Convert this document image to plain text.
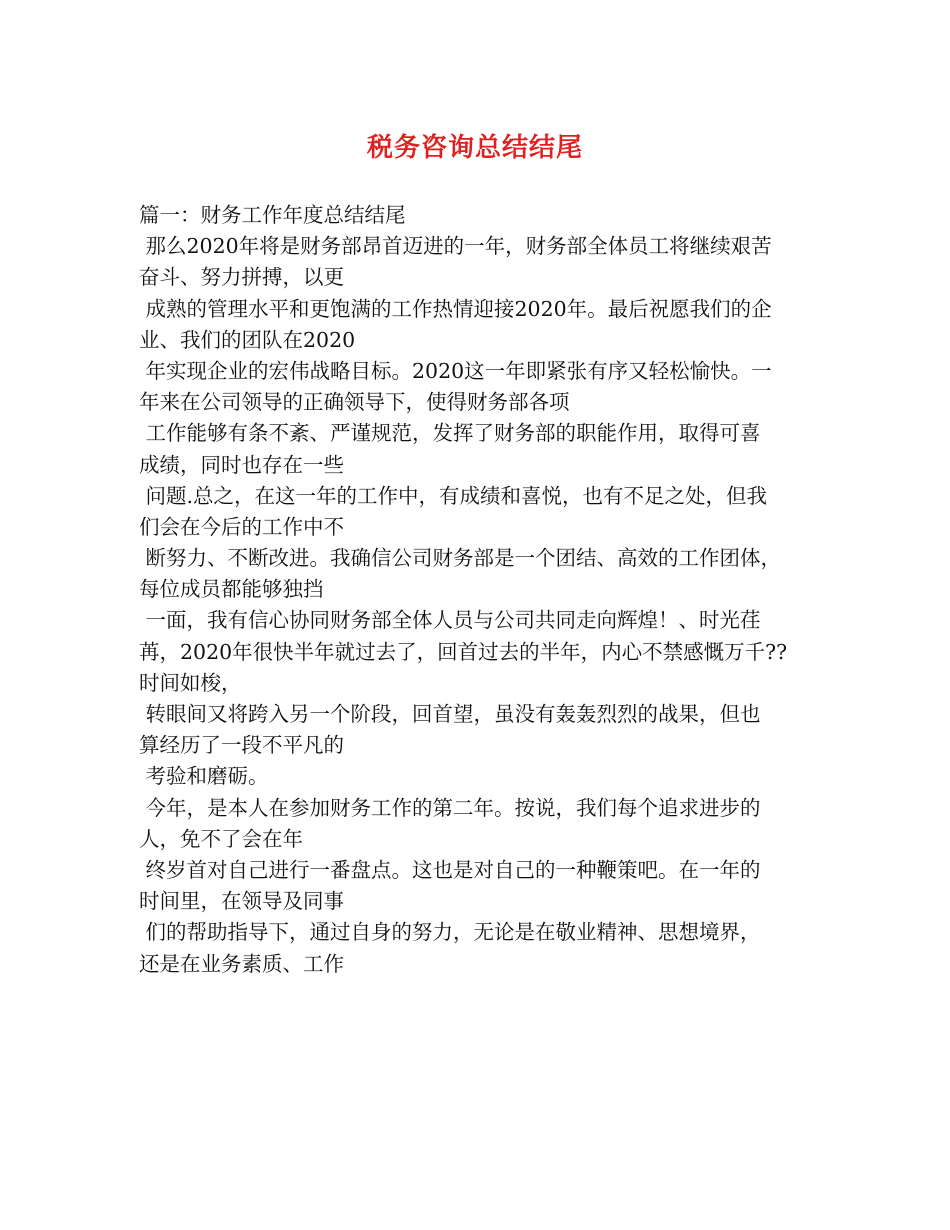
税务咨询总结结尾
篇一：财务工作年度总结结尾
那么2020年将是财务部昂首迈进的一年，财务部全体员工将继续艰苦
奋斗、努力拼搏，以更
成熟的管理水平和更饱满的工作热情迎接2020年。最后祝愿我们的企
业、我们的团队在2020
年实现企业的宏伟战略目标。2020这一年即紧张有序又轻松愉快。一
年来在公司领导的正确领导下，使得财务部各项
工作能够有条不紊、严谨规范，发挥了财务部的职能作用，取得可喜
成绩，同时也存在一些
问题.总之，在这一年的工作中，有成绩和喜悦，也有不足之处，但我
们会在今后的工作中不
断努力、不断改进。我确信公司财务部是一个团结、高效的工作团体，
每位成员都能够独挡
一面，我有信心协同财务部全体人员与公司共同走向辉煌！、时光荏
苒，2020年很快半年就过去了，回首过去的半年，内心不禁感慨万千??
时间如梭，
转眼间又将跨入另一个阶段，回首望，虽没有轰轰烈烈的战果，但也
算经历了一段不平凡的
考验和磨砺。
今年，是本人在参加财务工作的第二年。按说，我们每个追求进步的
人，免不了会在年
终岁首对自己进行一番盘点。这也是对自己的一种鞭策吧。在一年的
时间里，在领导及同事
们的帮助指导下，通过自身的努力，无论是在敬业精神、思想境界，
还是在业务素质、工作
